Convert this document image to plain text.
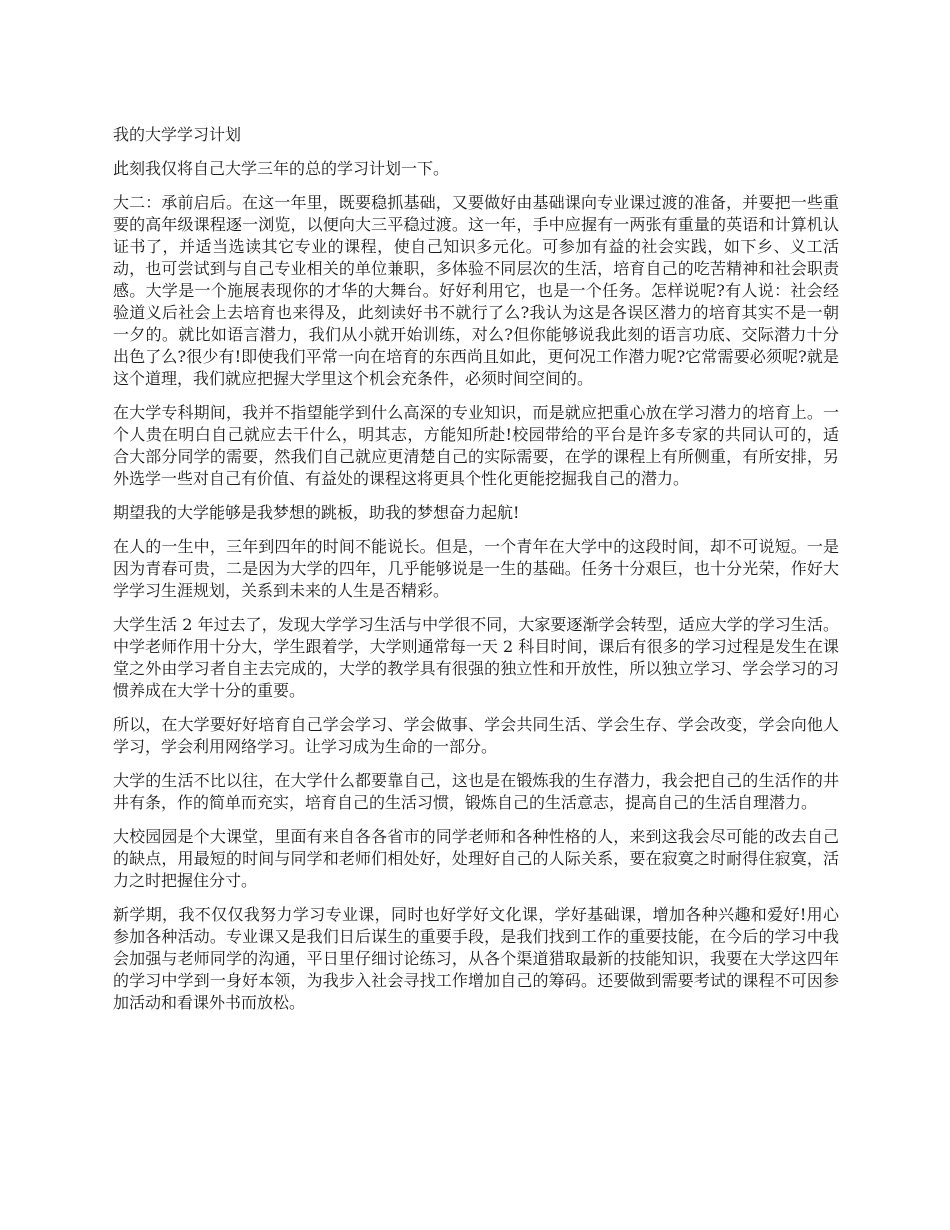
我的大学学习计划

此刻我仅将自己大学三年的总的学习计划一下。

大二：承前启后。在这一年里，既要稳抓基础，又要做好由基础课向专业课过渡的准备，并要把一些重要的高年级课程逐一浏览，以便向大三平稳过渡。这一年，手中应握有一两张有重量的英语和计算机认证书了，并适当选读其它专业的课程，使自己知识多元化。可参加有益的社会实践，如下乡、义工活动，也可尝试到与自己专业相关的单位兼职，多体验不同层次的生活，培育自己的吃苦精神和社会职责感。大学是一个施展表现你的才华的大舞台。好好利用它，也是一个任务。怎样说呢?有人说：社会经验道义后社会上去培育也来得及，此刻读好书不就行了么?我认为这是各误区潜力的培育其实不是一朝一夕的。就比如语言潜力，我们从小就开始训练，对么?但你能够说我此刻的语言功底、交际潜力十分出色了么?很少有!即使我们平常一向在培育的东西尚且如此，更何况工作潜力呢?它常需要必须呢?就是这个道理，我们就应把握大学里这个机会充条件，必须时间空间的。

在大学专科期间，我并不指望能学到什么高深的专业知识，而是就应把重心放在学习潜力的培育上。一个人贵在明白自己就应去干什么，明其志，方能知所赴!校园带给的平台是许多专家的共同认可的，适合大部分同学的需要，然我们自己就应更清楚自己的实际需要，在学的课程上有所侧重，有所安排，另外选学一些对自己有价值、有益处的课程这将更具个性化更能挖掘我自己的潜力。

期望我的大学能够是我梦想的跳板，助我的梦想奋力起航!

在人的一生中，三年到四年的时间不能说长。但是，一个青年在大学中的这段时间，却不可说短。一是因为青春可贵，二是因为大学的四年，几乎能够说是一生的基础。任务十分艰巨，也十分光荣，作好大学学习生涯规划，关系到未来的人生是否精彩。

大学生活 2 年过去了，发现大学学习生活与中学很不同，大家要逐渐学会转型，适应大学的学习生活。中学老师作用十分大，学生跟着学，大学则通常每一天 2 科目时间，课后有很多的学习过程是发生在课堂之外由学习者自主去完成的，大学的教学具有很强的独立性和开放性，所以独立学习、学会学习的习惯养成在大学十分的重要。

所以，在大学要好好培育自己学会学习、学会做事、学会共同生活、学会生存、学会改变，学会向他人学习，学会利用网络学习。让学习成为生命的一部分。

大学的生活不比以往，在大学什么都要靠自己，这也是在锻炼我的生存潜力，我会把自己的生活作的井井有条，作的简单而充实，培育自己的生活习惯，锻炼自己的生活意志，提高自己的生活自理潜力。

大校园园是个大课堂，里面有来自各各省市的同学老师和各种性格的人，来到这我会尽可能的改去自己的缺点，用最短的时间与同学和老师们相处好，处理好自己的人际关系，要在寂寞之时耐得住寂寞，活力之时把握住分寸。

新学期，我不仅仅我努力学习专业课，同时也好学好文化课，学好基础课，增加各种兴趣和爱好!用心参加各种活动。专业课又是我们日后谋生的重要手段，是我们找到工作的重要技能，在今后的学习中我会加强与老师同学的沟通，平日里仔细讨论练习，从各个渠道猎取最新的技能知识，我要在大学这四年的学习中学到一身好本领，为我步入社会寻找工作增加自己的筹码。还要做到需要考试的课程不可因参加活动和看课外书而放松。
